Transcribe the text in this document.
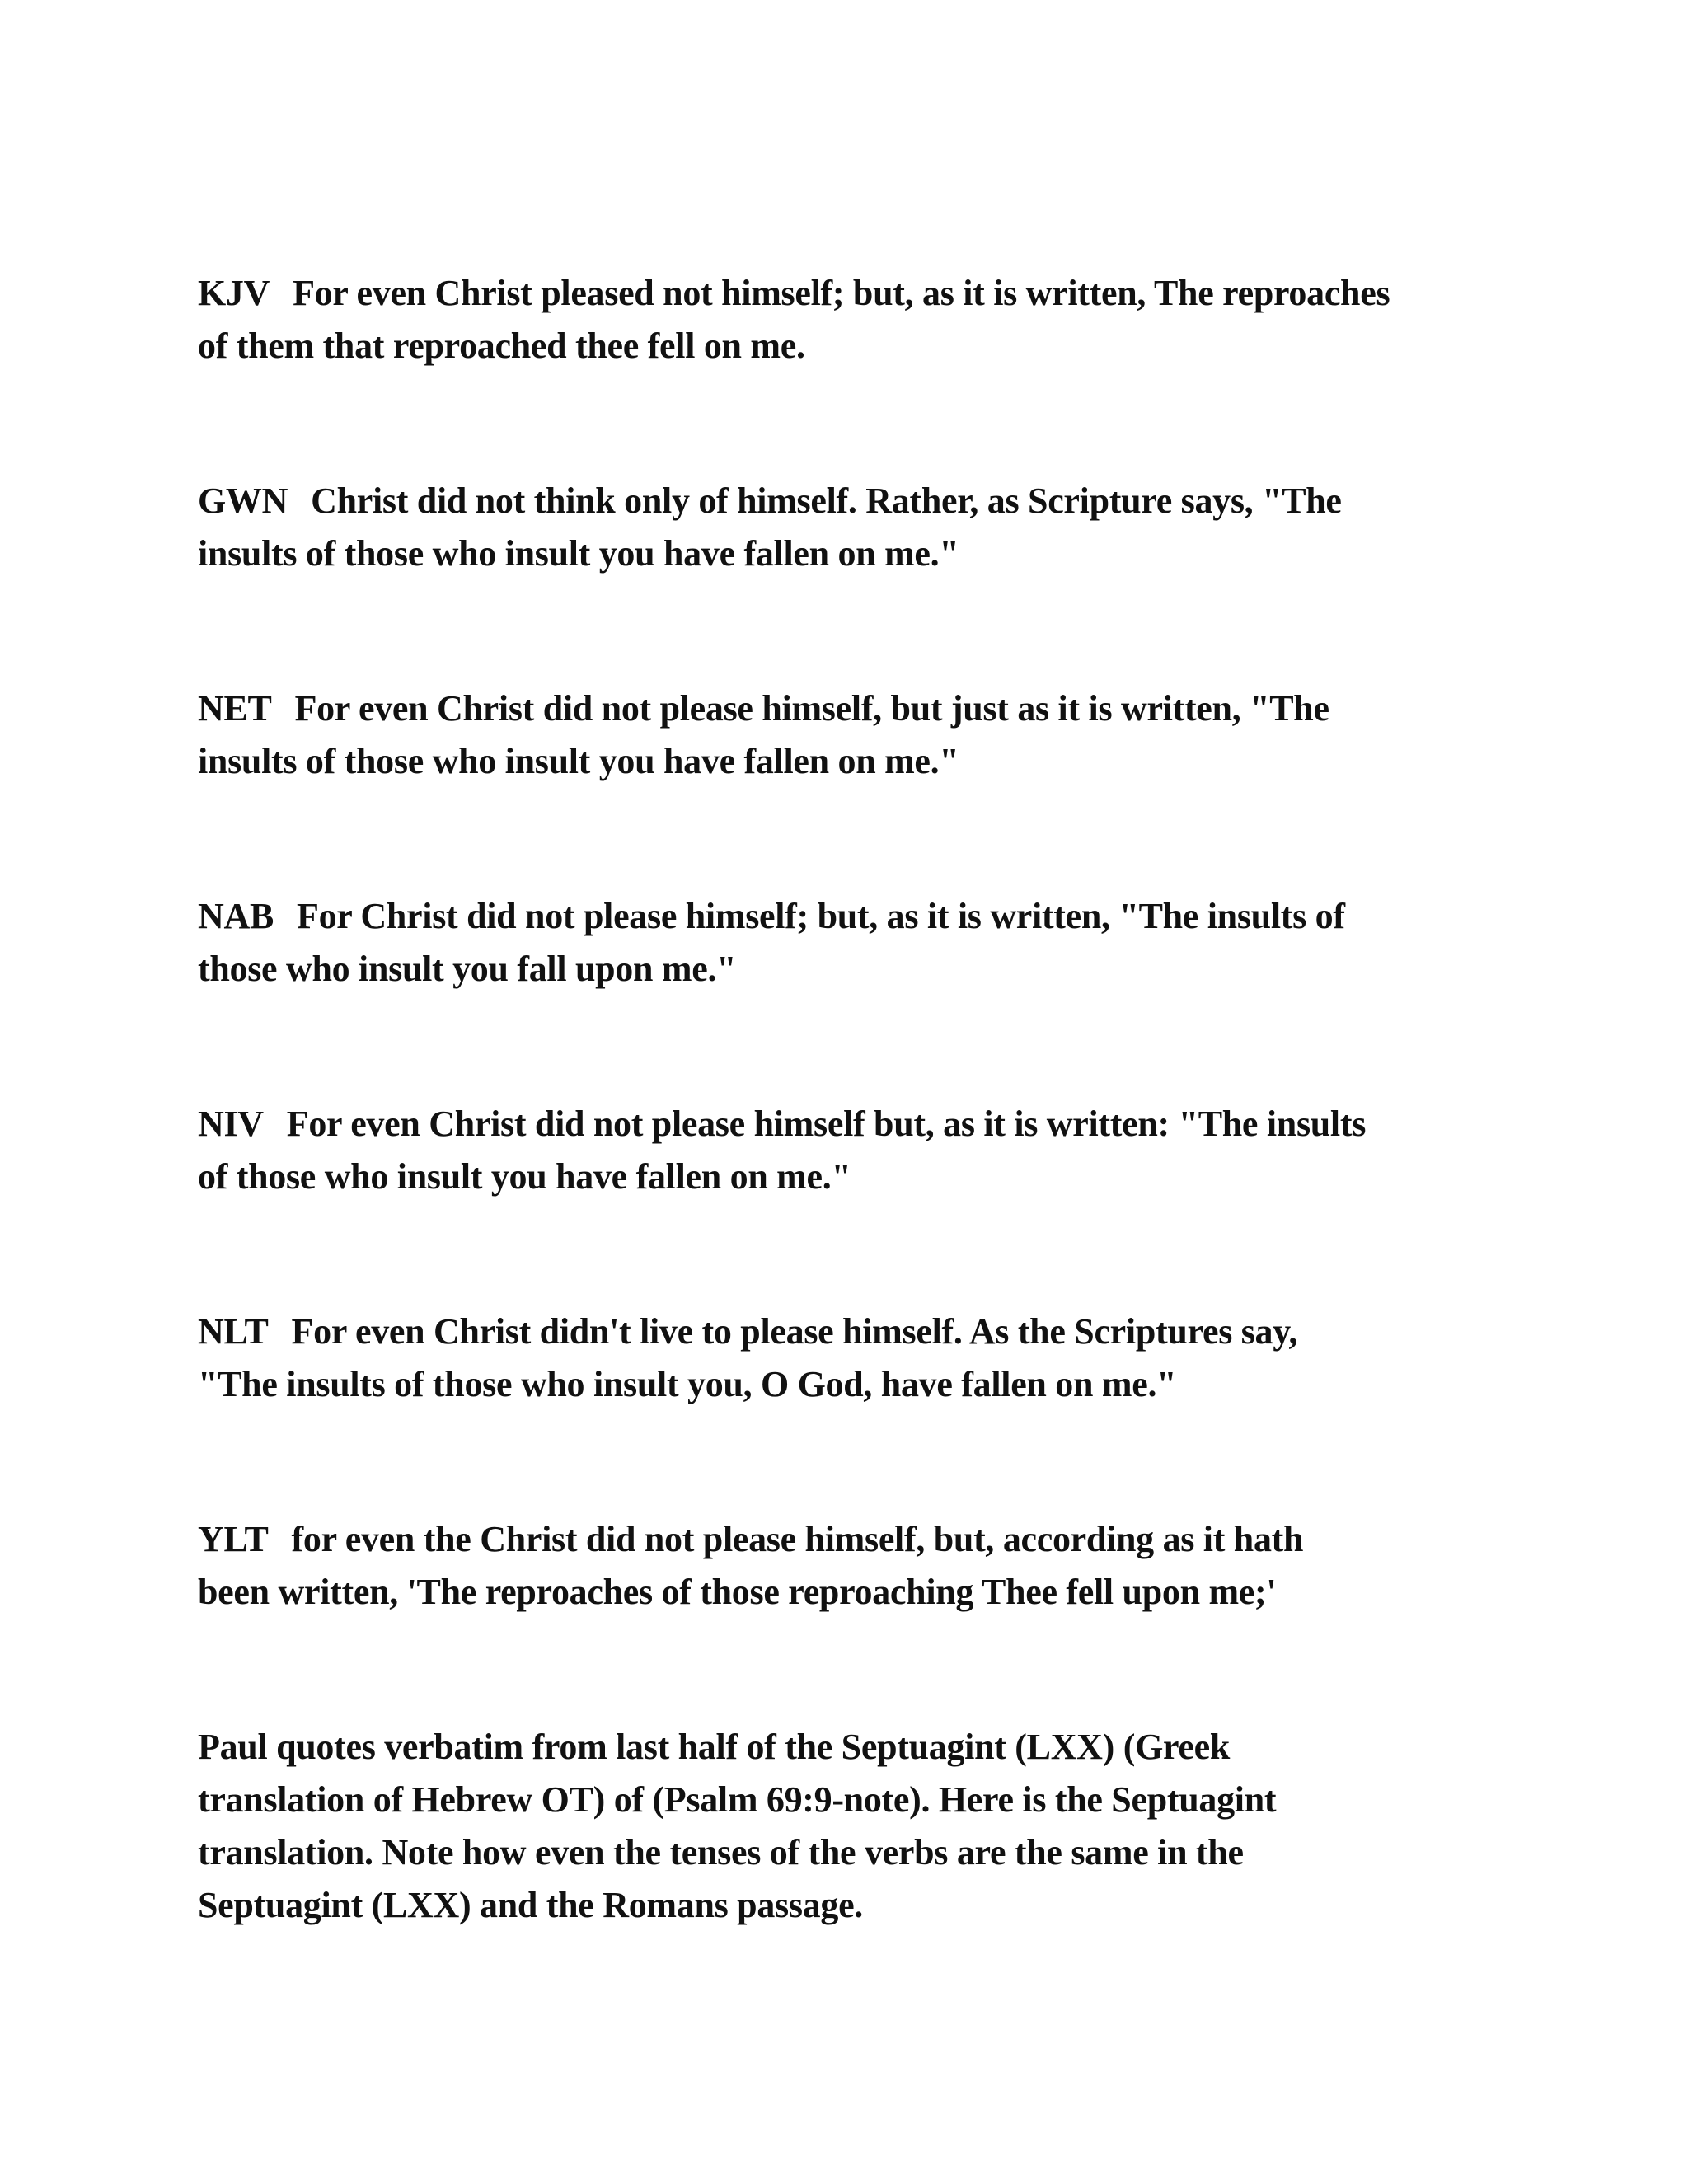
KJV For even Christ pleased not himself; but, as it is written, The reproaches
of them that reproached thee fell on me.

GWN Christ did not think only of himself. Rather, as Scripture says, "The
insults of those who insult you have fallen on me."

NET For even Christ did not please himself, but just as it is written, "The
insults of those who insult you have fallen on me."

NAB For Christ did not please himself; but, as it is written, "The insults of
those who insult you fall upon me."

NIV For even Christ did not please himself but, as it is written: "The insults
of those who insult you have fallen on me."

NLT For even Christ didn't live to please himself. As the Scriptures say,
"The insults of those who insult you, O God, have fallen on me."

YLT for even the Christ did not please himself, but, according as it hath
been written, 'The reproaches of those reproaching Thee fell upon me;'

Paul quotes verbatim from last half of the Septuagint (LXX) (Greek
translation of Hebrew OT) of (Psalm 69:9-note). Here is the Septuagint
translation. Note how even the tenses of the verbs are the same in the
Septuagint (LXX) and the Romans passage.
